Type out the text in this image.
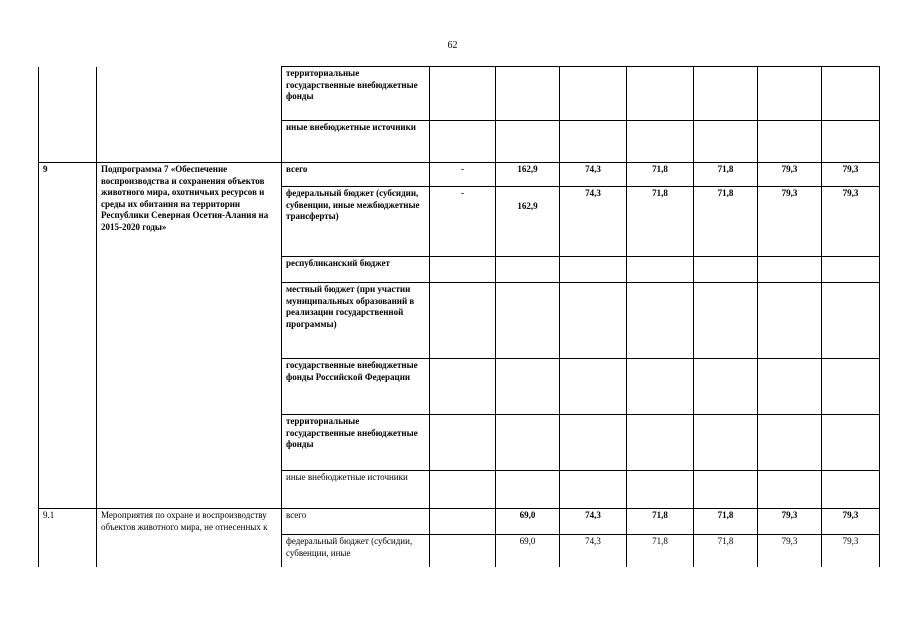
62
		территориальные государственные внебюджетные фонды							
		иные внебюджетные источники							
9	Подпрограмма 7 «Обеспечение воспроизводства и сохранения объектов животного мира, охотничьих ресурсов и среды их обитания на территории Республики Северная Осетия-Алания на 2015-2020 годы»	всего	-	162,9	74,3	71,8	71,8	79,3	79,3
		федеральный бюджет (субсидии, субвенции, иные межбюджетные трансферты)	-	162,9	74,3	71,8	71,8	79,3	79,3
		республиканский бюджет							
		местный бюджет (при участии муниципальных образований в реализации государственной программы)							
		государственные внебюджетные фонды Российской Федерации							
		территориальные государственные внебюджетные фонды							
		иные внебюджетные источники							
9.1	Мероприятия по охране и воспроизводству объектов животного мира, не отнесенных к	всего		69,0	74,3	71,8	71,8	79,3	79,3
		федеральный бюджет (субсидии, субвенции, иные		69,0	74,3	71,8	71,8	79,3	79,3
